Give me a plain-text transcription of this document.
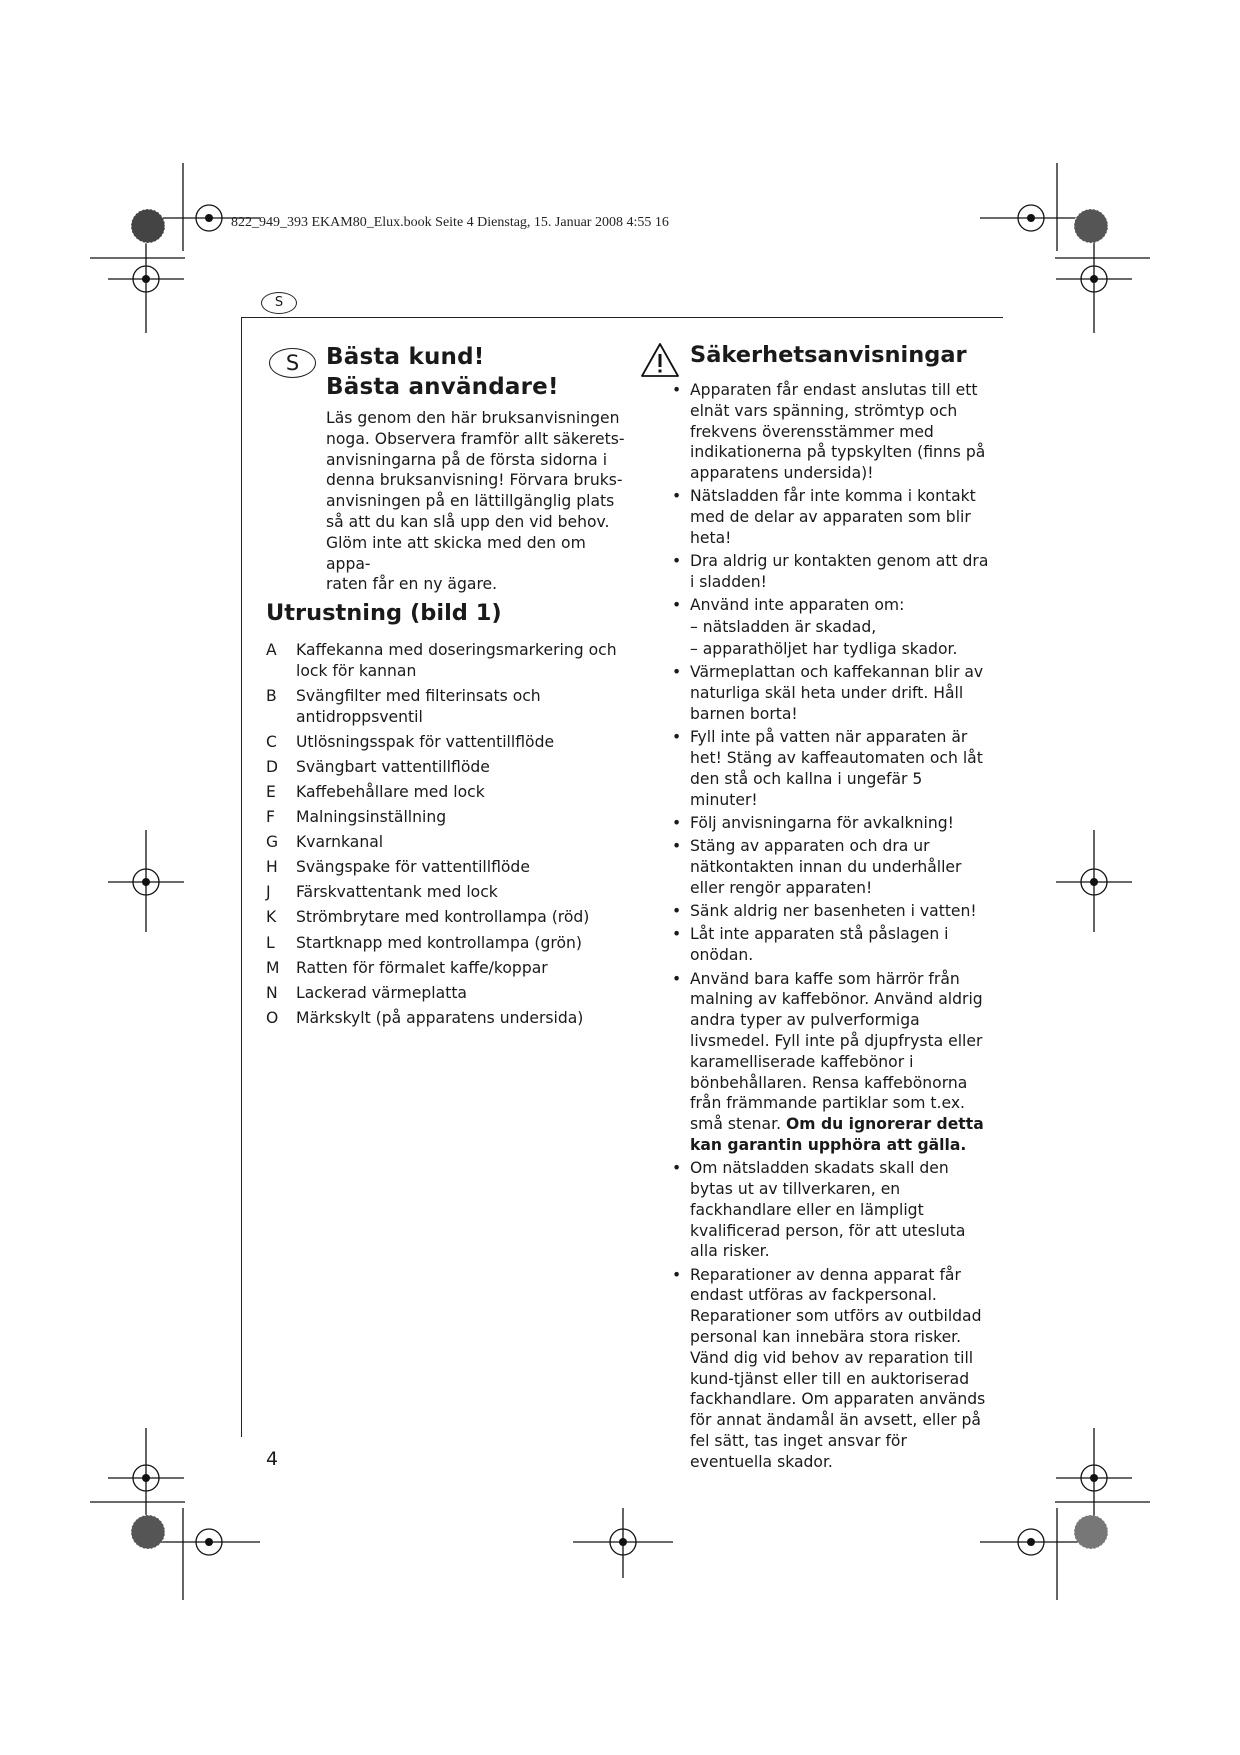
822_949_393 EKAM80_Elux.book Seite 4 Dienstag, 15. Januar 2008 4:55 16
S
S	Bästa kund!
Bästa användare!
Läs genom den här bruksanvisningen
noga. Observera framför allt säkerets-
anvisningarna på de första sidorna i
denna bruksanvisning! Förvara bruks-
anvisningen på en lättillgänglig plats
så att du kan slå upp den vid behov.
Glöm inte att skicka med den om appa-
raten får en ny ägare.
Utrustning (bild 1)
A	Kaffekanna med doseringsmarkering och lock för kannan
B	Svängfilter med filterinsats och antidroppsventil
C	Utlösningsspak för vattentillflöde
D	Svängbart vattentillflöde
E	Kaffebehållare med lock
F	Malningsinställning
G	Kvarnkanal
H	Svängspake för vattentillflöde
J	Färskvattentank med lock
K	Strömbrytare med kontrollampa (röd)
L	Startknapp med kontrollampa (grön)
M	Ratten för förmalet kaffe/koppar
N	Lackerad värmeplatta
O	Märkskylt (på apparatens undersida)
Säkerhetsanvisningar
• Apparaten får endast anslutas till ett elnät vars spänning, strömtyp och frekvens överensstämmer med indikationerna på typskylten (finns på apparatens undersida)!
• Nätsladden får inte komma i kontakt med de delar av apparaten som blir heta!
• Dra aldrig ur kontakten genom att dra i sladden!
• Använd inte apparaten om:
– nätsladden är skadad,
– apparathöljet har tydliga skador.
• Värmeplattan och kaffekannan blir av naturliga skäl heta under drift. Håll barnen borta!
• Fyll inte på vatten när apparaten är het! Stäng av kaffeautomaten och låt den stå och kallna i ungefär 5 minuter!
• Följ anvisningarna för avkalkning!
• Stäng av apparaten och dra ur nätkontakten innan du underhåller eller rengör apparaten!
• Sänk aldrig ner basenheten i vatten!
• Låt inte apparaten stå påslagen i onödan.
• Använd bara kaffe som härrör från malning av kaffebönor. Använd aldrig andra typer av pulverformiga livsmedel. Fyll inte på djupfrysta eller karamelliserade kaffebönor i bönbehållaren. Rensa kaffebönorna från främmande partiklar som t.ex. små stenar. Om du ignorerar detta kan garantin upphöra att gälla.
• Om nätsladden skadats skall den bytas ut av tillverkaren, en fackhandlare eller en lämpligt kvalificerad person, för att utesluta alla risker.
• Reparationer av denna apparat får endast utföras av fackpersonal. Reparationer som utförs av outbildad personal kan innebära stora risker. Vänd dig vid behov av reparation till kund-tjänst eller till en auktoriserad fackhandlare. Om apparaten används för annat ändamål än avsett, eller på fel sätt, tas inget ansvar för eventuella skador.
4
